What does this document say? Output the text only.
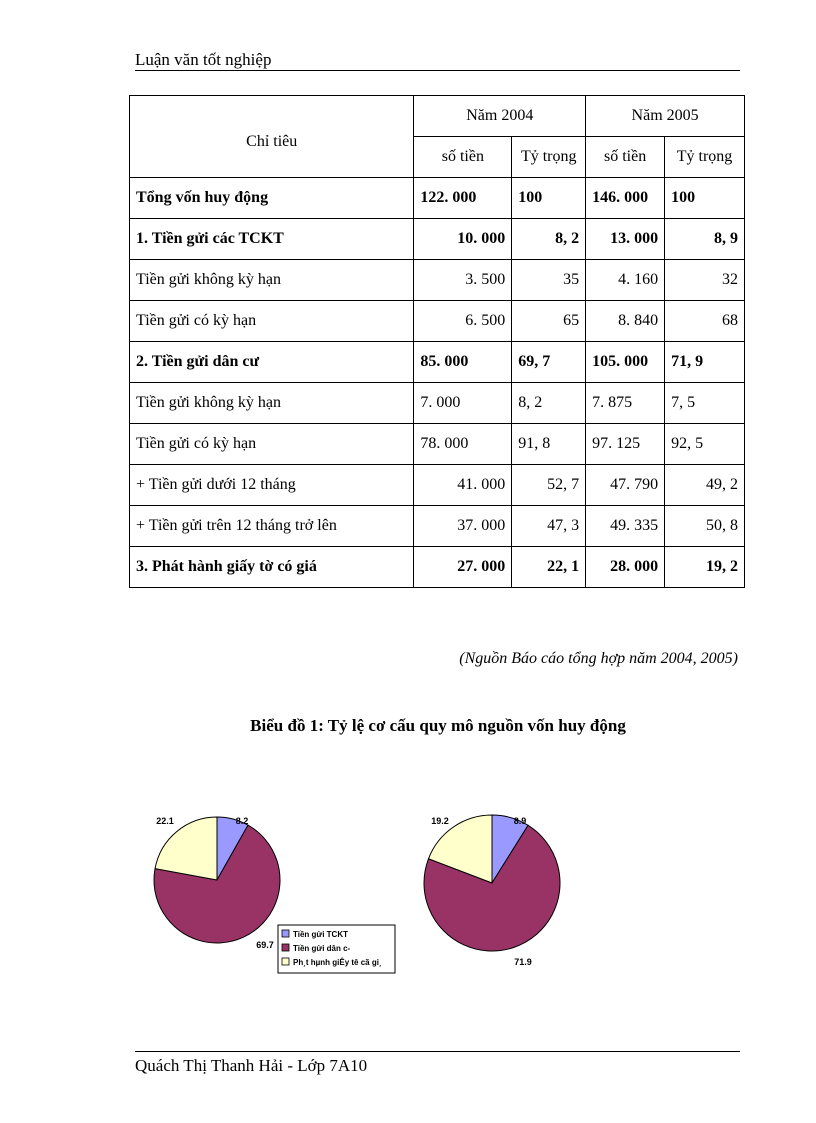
Luận văn tốt nghiệp
Chỉ tiêu	Năm 2004		Năm 2005	
	số tiền	Tỷ trọng	số tiền	Tỷ trọng
Tổng vốn huy động	122. 000	100	146. 000	100
1. Tiền gửi các TCKT	10. 000	8, 2	13. 000	8, 9
Tiền gửi không kỳ hạn	3. 500	35	4. 160	32
Tiền gửi có kỳ hạn	6. 500	65	8. 840	68
2. Tiền gửi dân cư	85. 000	69, 7	105. 000	71, 9
Tiền gửi không kỳ hạn	7. 000	8, 2	7. 875	7, 5
Tiền gửi có kỳ hạn	78. 000	91, 8	97. 125	92, 5
+ Tiền gửi dưới 12 tháng	41. 000	52, 7	47. 790	49, 2
+ Tiền gửi trên 12 tháng trở lên	37. 000	47, 3	49. 335	50, 8
3. Phát hành giấy tờ có giá	27. 000	22, 1	28. 000	19, 2
(Nguồn Báo cáo tổng hợp năm 2004, 2005)
Biểu đồ 1: Tỷ lệ cơ cấu quy mô nguồn vốn huy động
8.2
69.7
22.1	8.9
71.9
19.2
Tiền gửi TCKT
Tiền gửi dân c-
Ph¸t hµnh giÊy tê cã gi¸
Quách Thị Thanh Hải - Lớp 7A10
